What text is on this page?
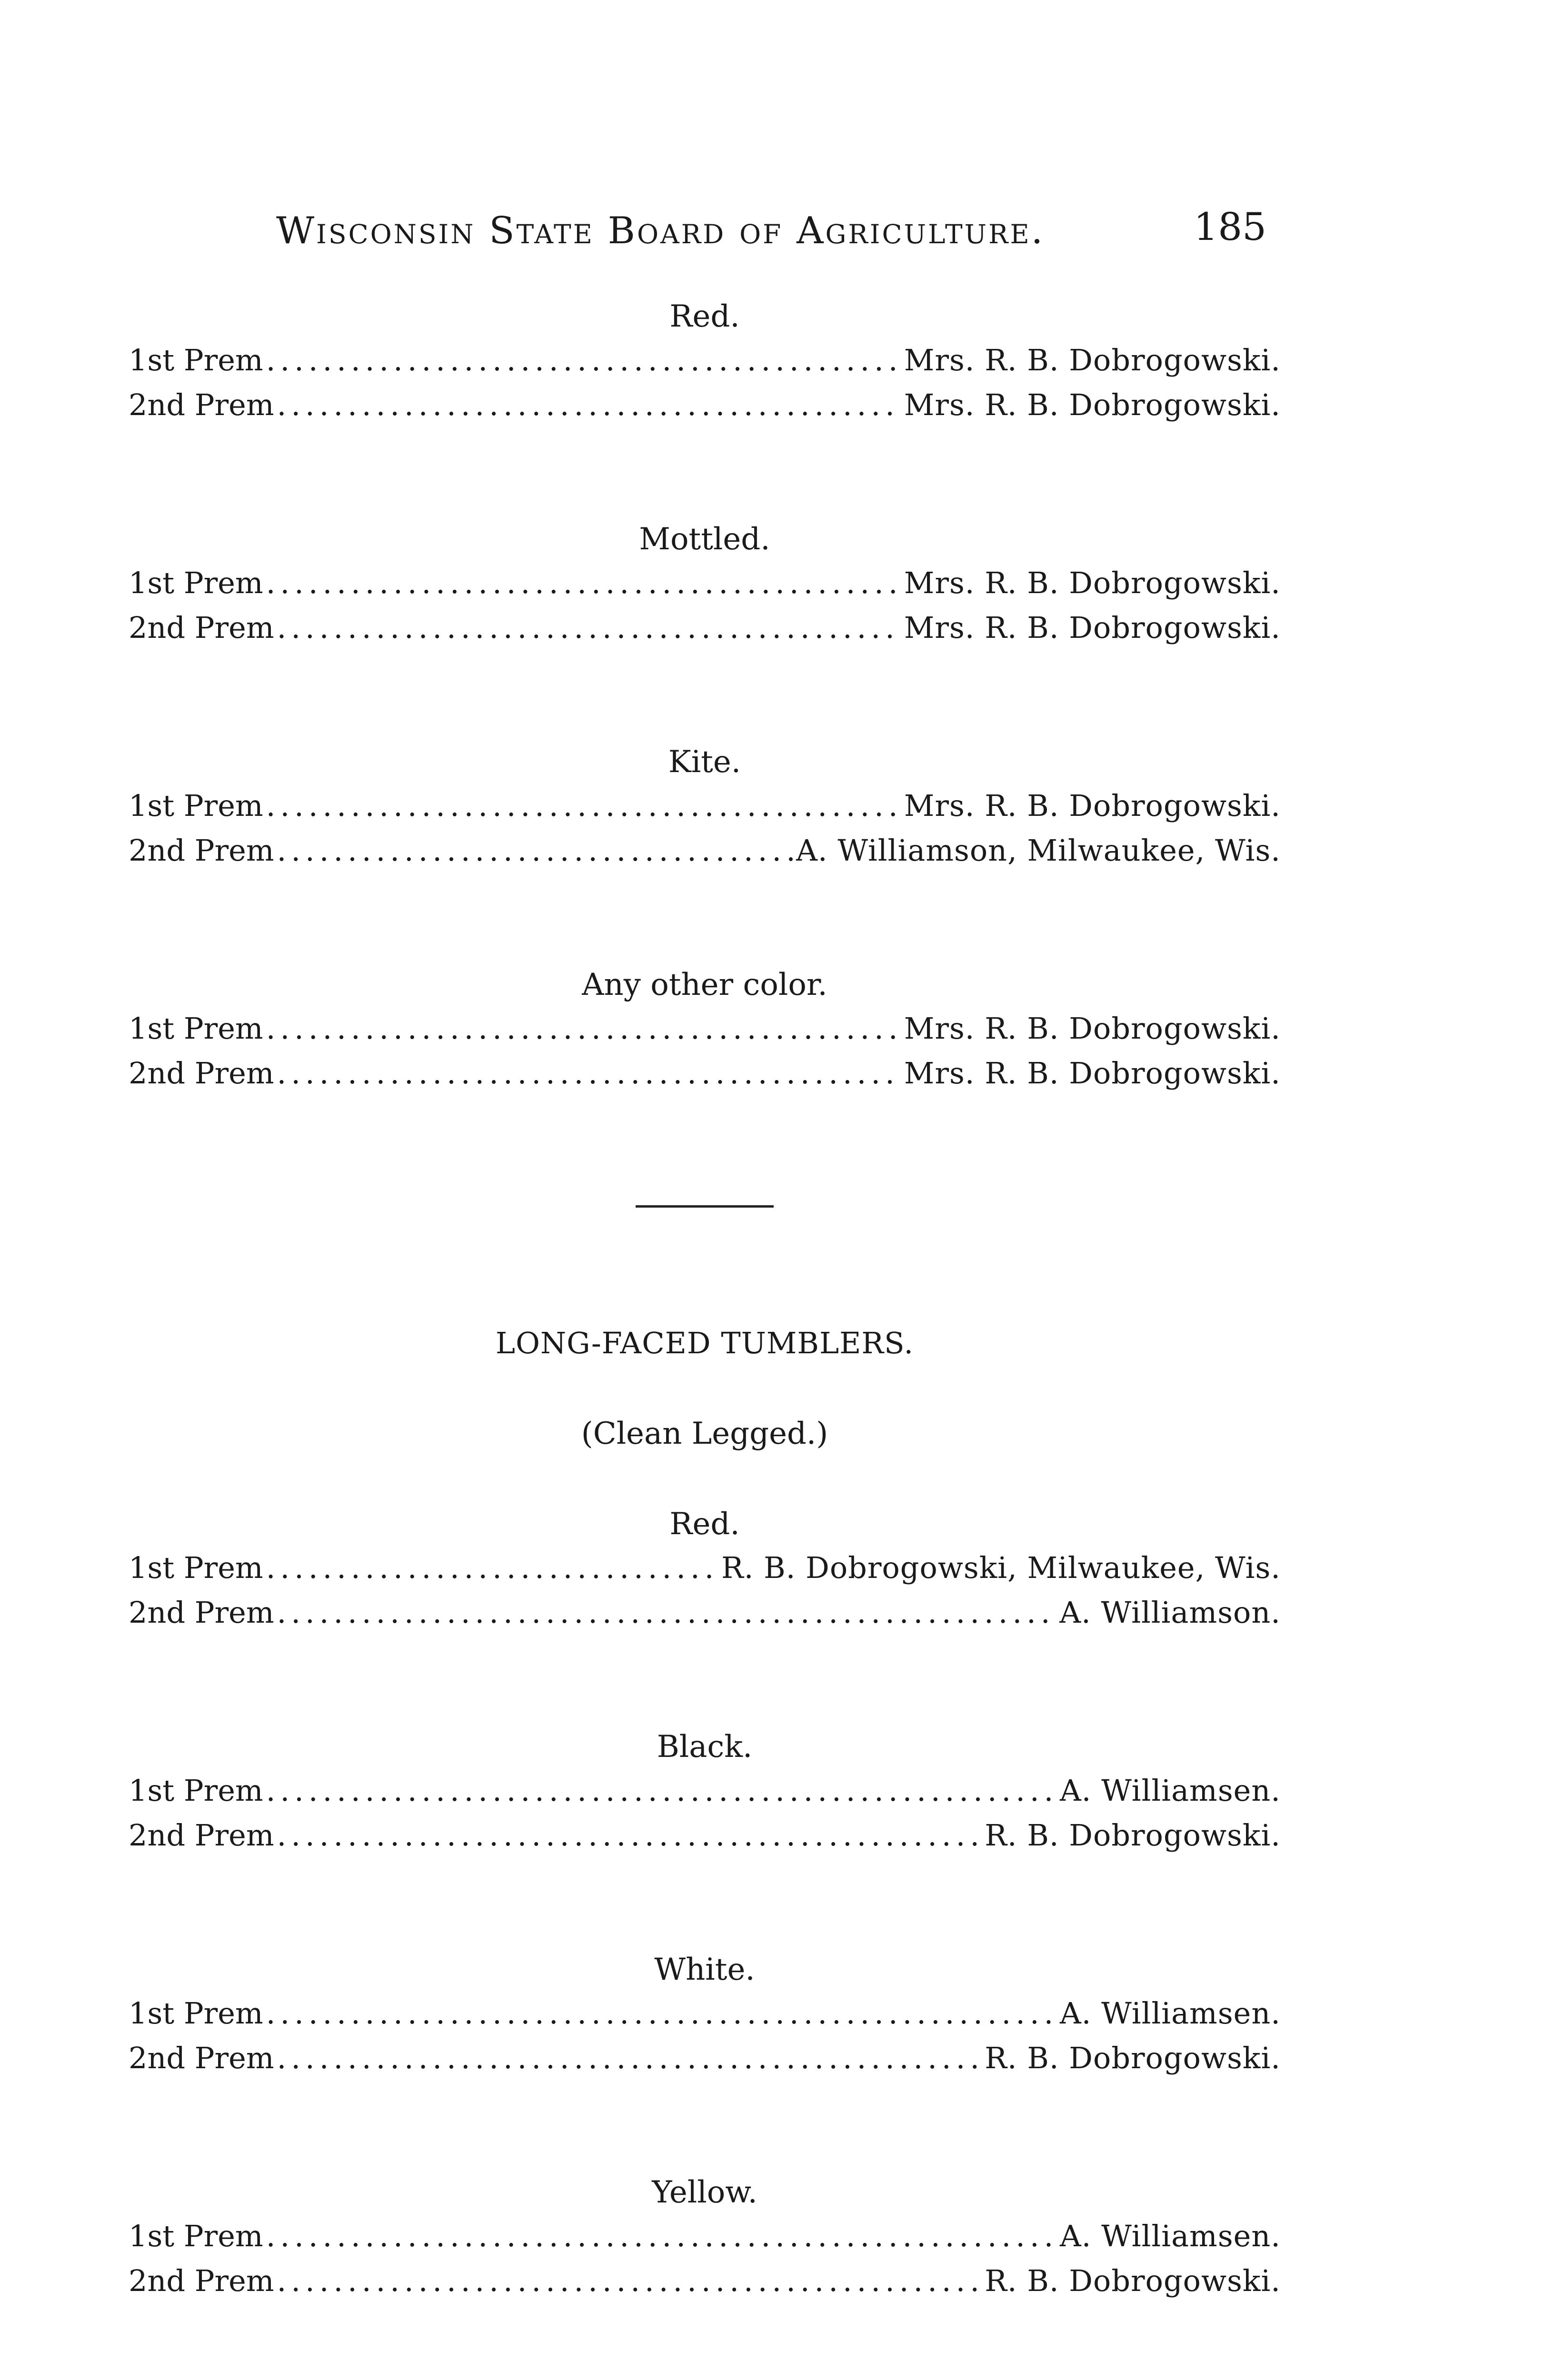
Wisconsin State Board of Agriculture.	185
Red.
1st Prem .....	Mrs. R. B. Dobrogowski.
2nd Prem .....	Mrs. R. B. Dobrogowski.
Mottled.
1st Prem .....	Mrs. R. B. Dobrogowski.
2nd Prem .....	Mrs. R. B. Dobrogowski.
Kite.
1st Prem .....	Mrs. R. B. Dobrogowski.
2nd Prem .....	A. Williamson, Milwaukee, Wis.
Any other color.
1st Prem .....	Mrs. R. B. Dobrogowski.
2nd Prem .....	Mrs. R. B. Dobrogowski.
LONG-FACED TUMBLERS.
(Clean Legged.)
Red.
1st Prem .....	R. B. Dobrogowski, Milwaukee, Wis.
2nd Prem .....	A. Williamson.
Black.
1st Prem .....	A. Williamsen.
2nd Prem .....	R. B. Dobrogowski.
White.
1st Prem .....	A. Williamsen.
2nd Prem .....	R. B. Dobrogowski.
Yellow.
1st Prem .....	A. Williamsen.
2nd Prem .....	R. B. Dobrogowski.
